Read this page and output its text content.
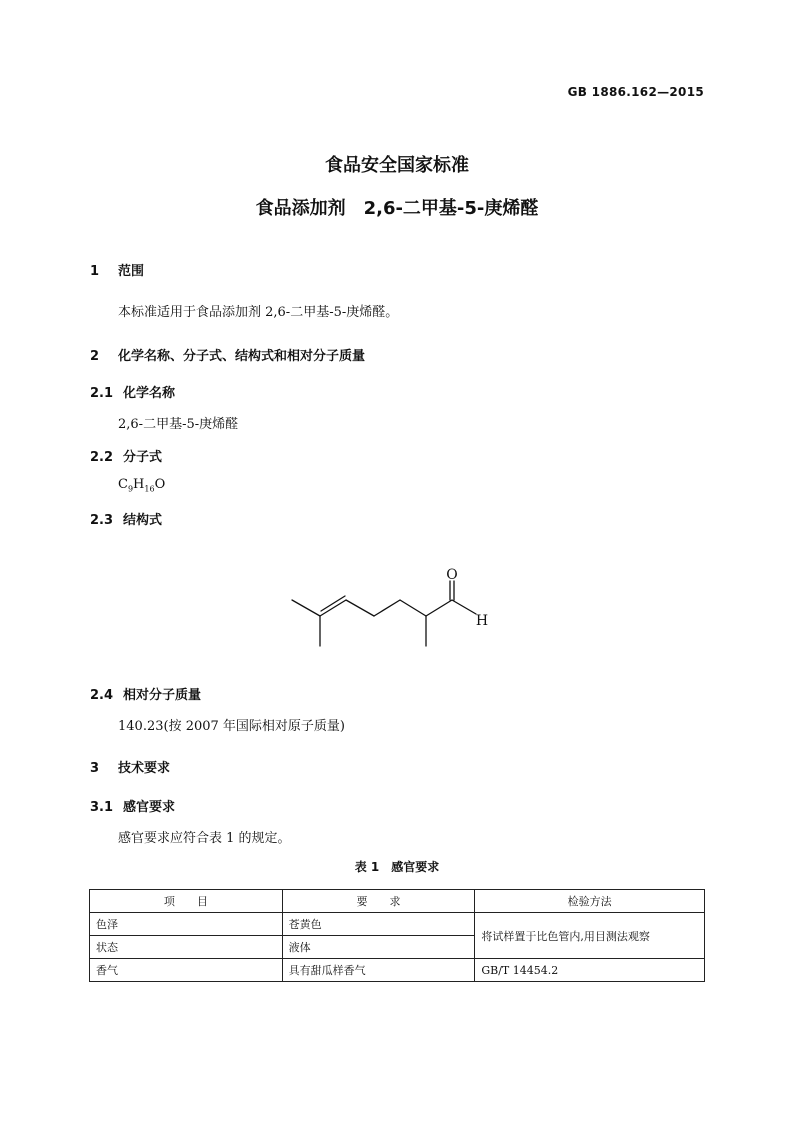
GB 1886.162—2015
食品安全国家标准
食品添加剂　2,6-二甲基-5-庚烯醛
1 范围
本标准适用于食品添加剂 2,6-二甲基-5-庚烯醛。
2 化学名称、分子式、结构式和相对分子质量
2.1 化学名称
2,6-二甲基-5-庚烯醛
2.2 分子式
$C_9H_{16}O$
2.3 结构式
O
H
2.4 相对分子质量
140.23(按 2007 年国际相对原子质量)
3 技术要求
3.1 感官要求
感官要求应符合表 1 的规定。
表 1　感官要求
项　　目	要　　求	检验方法
色泽	苍黄色	将试样置于比色管内,用目测法观察
状态	液体	
香气	具有甜瓜样香气	GB/T 14454.2
